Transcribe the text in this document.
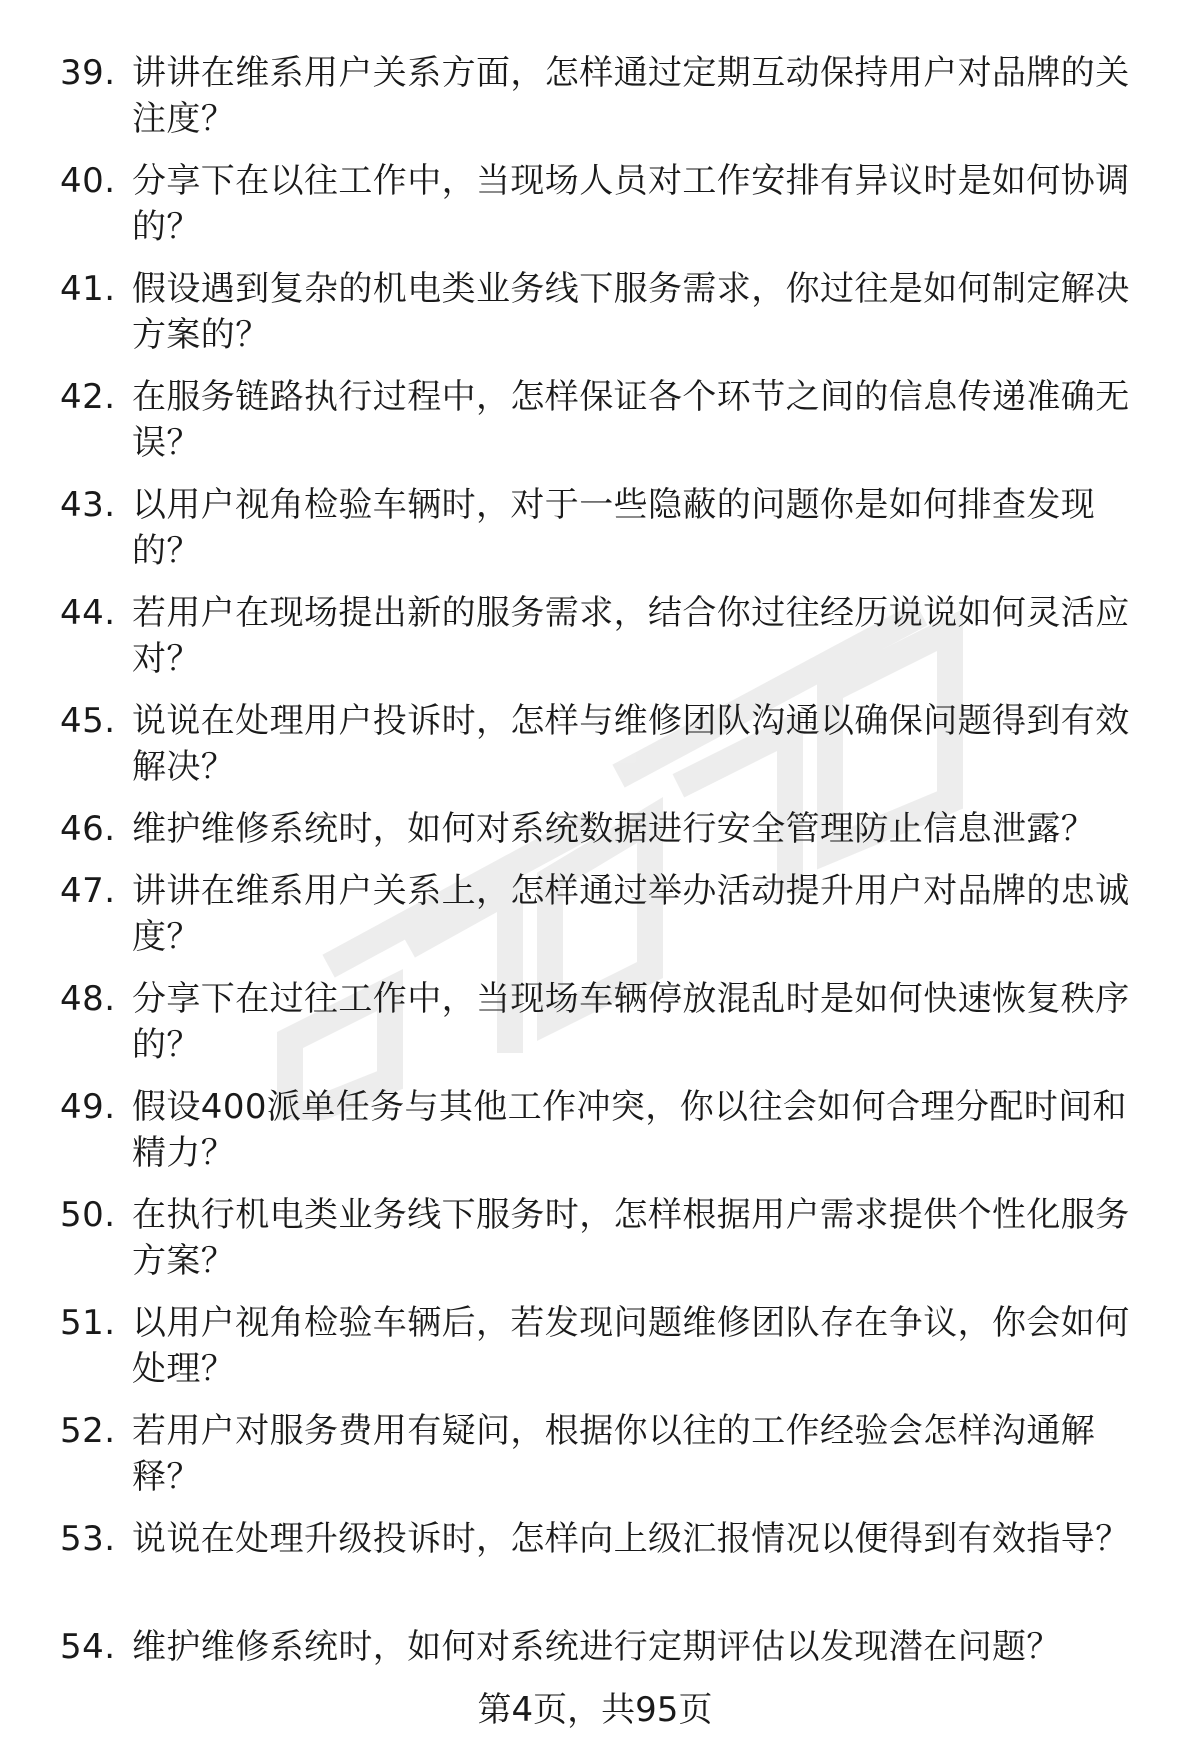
39. 讲讲在维系用户关系方面，怎样通过定期互动保持用户对品牌的关注度？
40. 分享下在以往工作中，当现场人员对工作安排有异议时是如何协调的？
41. 假设遇到复杂的机电类业务线下服务需求，你过往是如何制定解决方案的？
42. 在服务链路执行过程中，怎样保证各个环节之间的信息传递准确无误？
43. 以用户视角检验车辆时，对于一些隐蔽的问题你是如何排查发现的？
44. 若用户在现场提出新的服务需求，结合你过往经历说说如何灵活应对？
45. 说说在处理用户投诉时，怎样与维修团队沟通以确保问题得到有效解决？
46. 维护维修系统时，如何对系统数据进行安全管理防止信息泄露？
47. 讲讲在维系用户关系上，怎样通过举办活动提升用户对品牌的忠诚度？
48. 分享下在过往工作中，当现场车辆停放混乱时是如何快速恢复秩序的？
49. 假设400派单任务与其他工作冲突，你以往会如何合理分配时间和精力？
50. 在执行机电类业务线下服务时，怎样根据用户需求提供个性化服务方案？
51. 以用户视角检验车辆后，若发现问题维修团队存在争议，你会如何处理？
52. 若用户对服务费用有疑问，根据你以往的工作经验会怎样沟通解释？
53. 说说在处理升级投诉时，怎样向上级汇报情况以便得到有效指导？
54. 维护维修系统时，如何对系统进行定期评估以发现潜在问题？
第4页，共95页
